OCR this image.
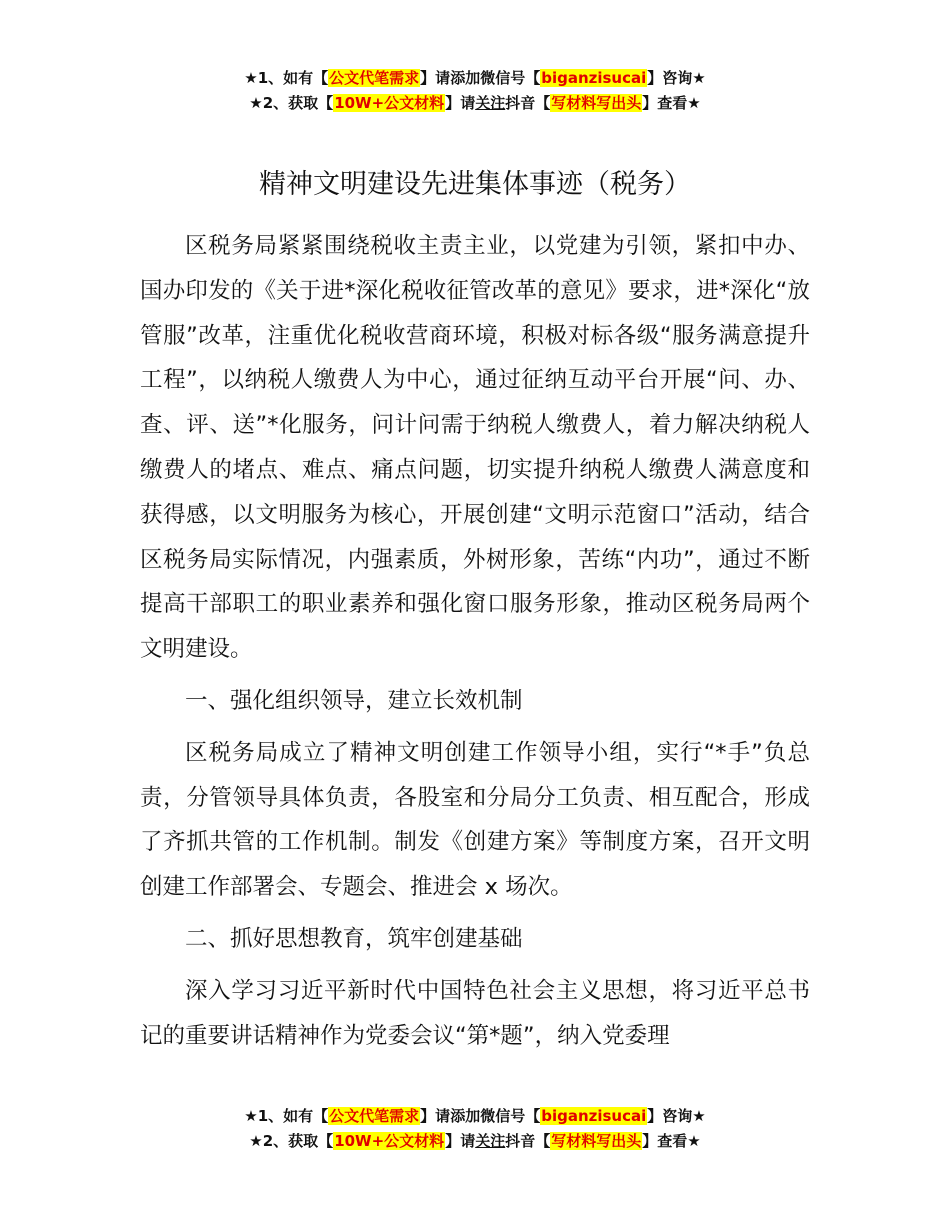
★1、如有【公文代笔需求】请添加微信号【biganzisucai】咨询★
★2、获取【10W+公文材料】请关注抖音【写材料写出头】查看★
精神文明建设先进集体事迹（税务）

区税务局紧紧围绕税收主责主业，以党建为引领，紧扣中办、国办印发的《关于进*深化税收征管改革的意见》要求，进*深化“放管服”改革，注重优化税收营商环境，积极对标各级“服务满意提升工程”，以纳税人缴费人为中心，通过征纳互动平台开展“问、办、查、评、送”*化服务，问计问需于纳税人缴费人，着力解决纳税人缴费人的堵点、难点、痛点问题，切实提升纳税人缴费人满意度和获得感，以文明服务为核心，开展创建“文明示范窗口”活动，结合区税务局实际情况，内强素质，外树形象，苦练“内功”，通过不断提高干部职工的职业素养和强化窗口服务形象，推动区税务局两个文明建设。

一、强化组织领导，建立长效机制

区税务局成立了精神文明创建工作领导小组，实行“*手”负总责，分管领导具体负责，各股室和分局分工负责、相互配合，形成了齐抓共管的工作机制。制发《创建方案》等制度方案，召开文明创建工作部署会、专题会、推进会 x 场次。

二、抓好思想教育，筑牢创建基础

深入学习习近平新时代中国特色社会主义思想，将习近平总书记的重要讲话精神作为党委会议“第*题”，纳入党委理

★1、如有【公文代笔需求】请添加微信号【biganzisucai】咨询★
★2、获取【10W+公文材料】请关注抖音【写材料写出头】查看★
